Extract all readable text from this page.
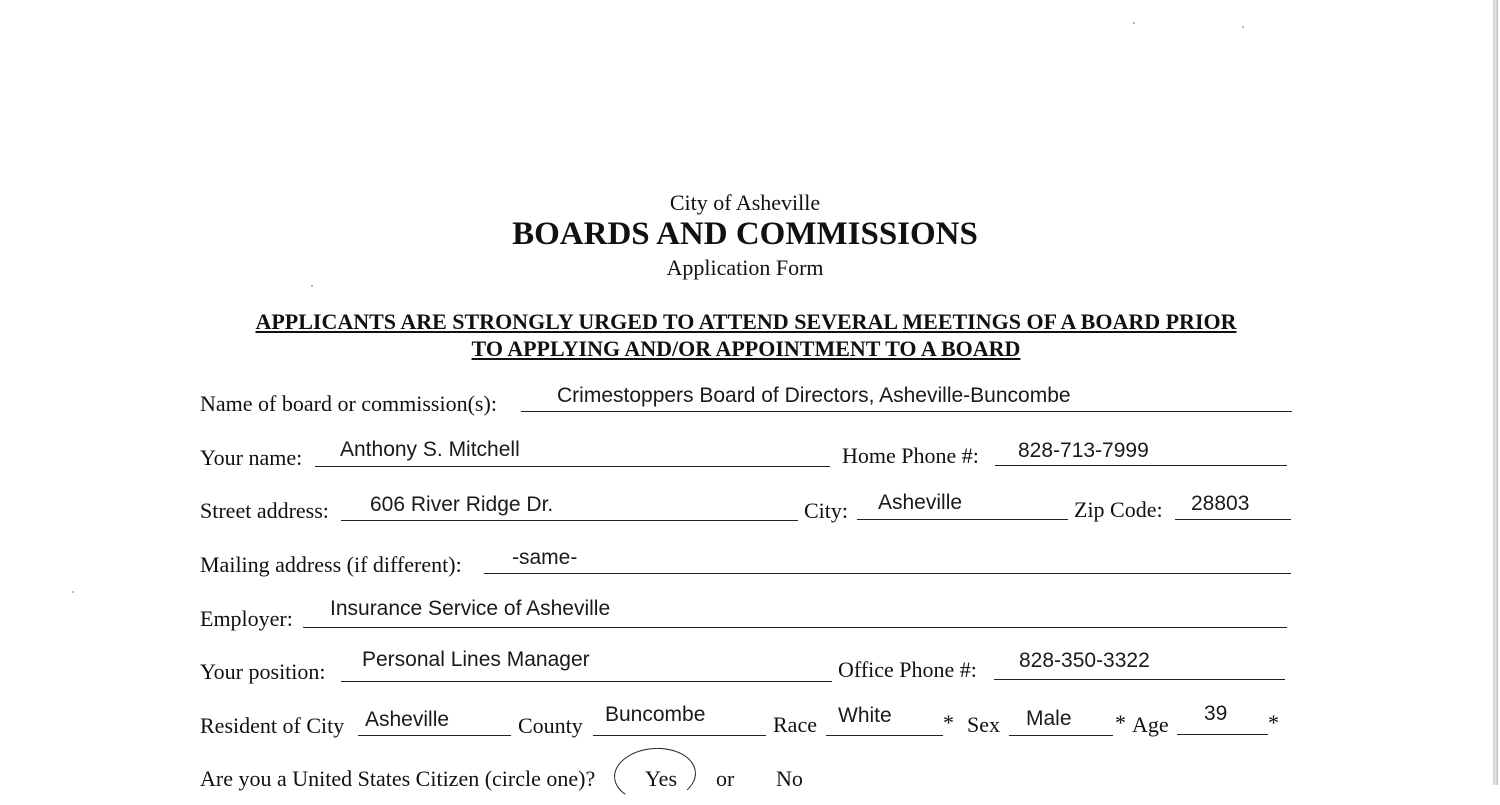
City of Asheville
BOARDS AND COMMISSIONS
Application Form
APPLICANTS ARE STRONGLY URGED TO ATTEND SEVERAL MEETINGS OF A BOARD PRIOR
TO APPLYING AND/OR APPOINTMENT TO A BOARD
Name of board or commission(s):	Crimestoppers Board of Directors, Asheville-Buncombe
Your name: Anthony S. Mitchell	Home Phone #: 828-713-7999
Street address: 606 River Ridge Dr.	City: Asheville	Zip Code: 28803
Mailing address (if different): -same-
Employer: Insurance Service of Asheville
Your position: Personal Lines Manager	Office Phone #: 828-350-3322
Resident of City Asheville	County Buncombe	Race White * Sex Male * Age 39 *
Are you a United States Citizen (circle one)? Yes or No
